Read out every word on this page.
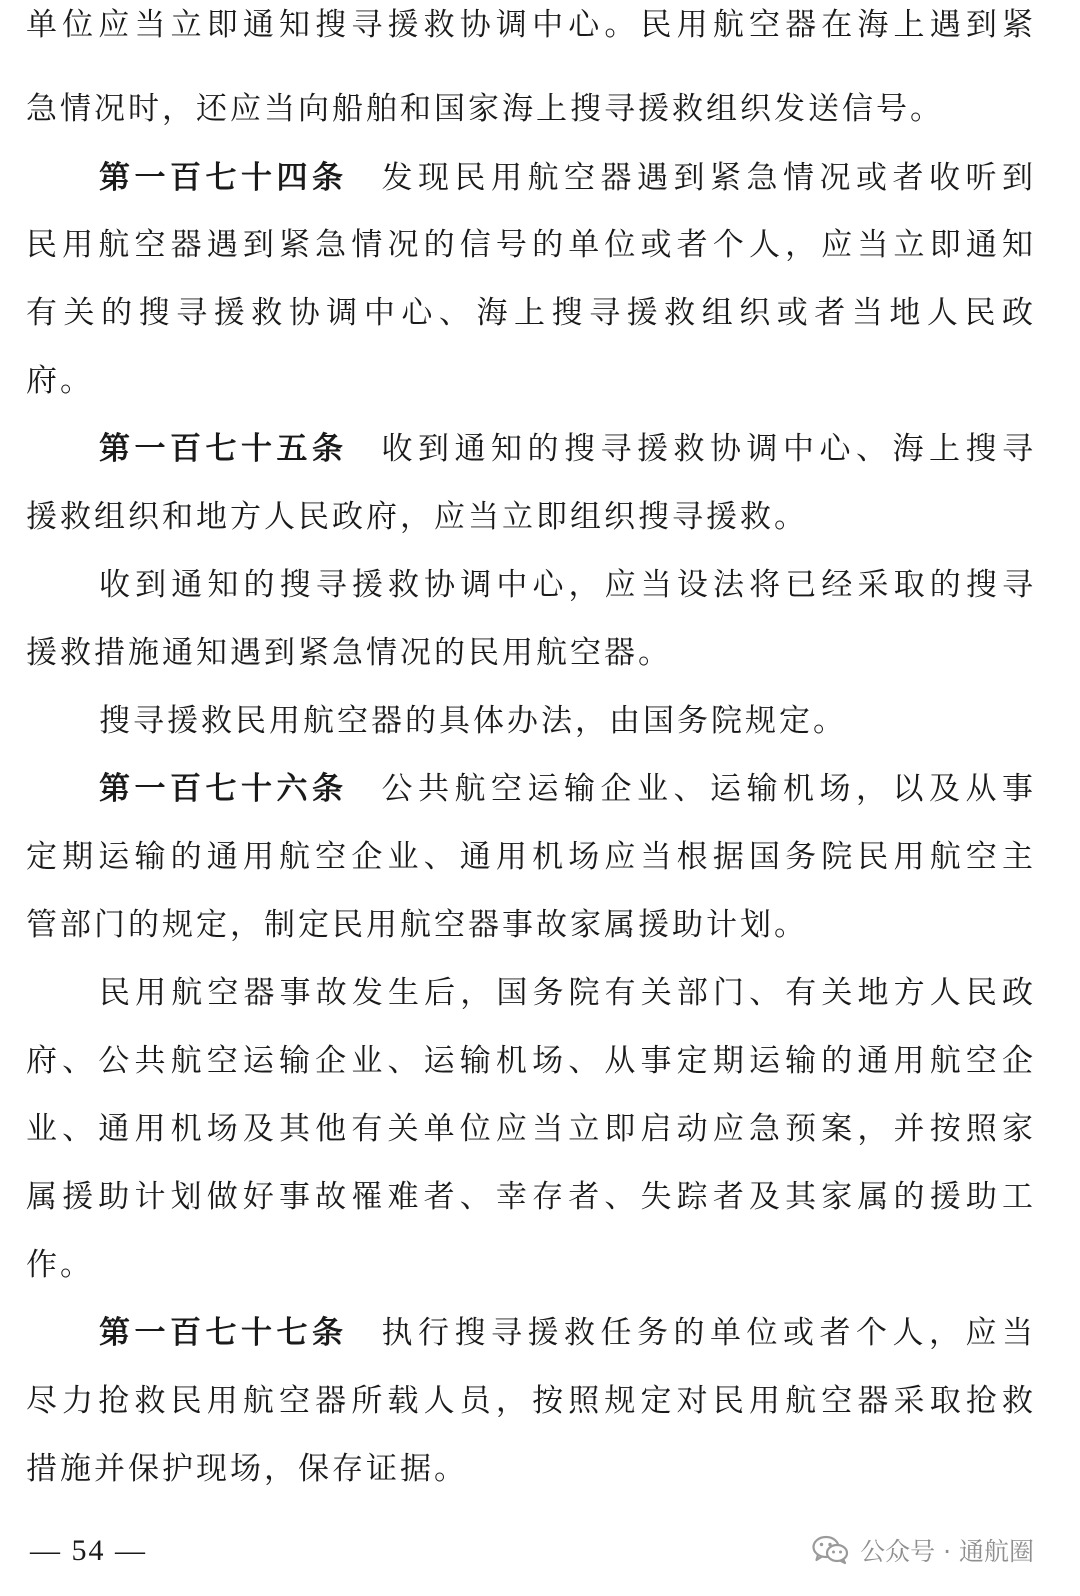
单位应当立即通知搜寻援救协调中心。民用航空器在海上遇到紧
急情况时，还应当向船舶和国家海上搜寻援救组织发送信号。
第一百七十四条 发现民用航空器遇到紧急情况或者收听到
民用航空器遇到紧急情况的信号的单位或者个人，应当立即通知
有关的搜寻援救协调中心、海上搜寻援救组织或者当地人民政
府。
第一百七十五条 收到通知的搜寻援救协调中心、海上搜寻
援救组织和地方人民政府，应当立即组织搜寻援救。
收到通知的搜寻援救协调中心，应当设法将已经采取的搜寻
援救措施通知遇到紧急情况的民用航空器。
搜寻援救民用航空器的具体办法，由国务院规定。
第一百七十六条 公共航空运输企业、运输机场，以及从事
定期运输的通用航空企业、通用机场应当根据国务院民用航空主
管部门的规定，制定民用航空器事故家属援助计划。
民用航空器事故发生后，国务院有关部门、有关地方人民政
府、公共航空运输企业、运输机场、从事定期运输的通用航空企
业、通用机场及其他有关单位应当立即启动应急预案，并按照家
属援助计划做好事故罹难者、幸存者、失踪者及其家属的援助工
作。
第一百七十七条 执行搜寻援救任务的单位或者个人，应当
尽力抢救民用航空器所载人员，按照规定对民用航空器采取抢救
措施并保护现场，保存证据。
— 54 —	公众号 · 通航圈
